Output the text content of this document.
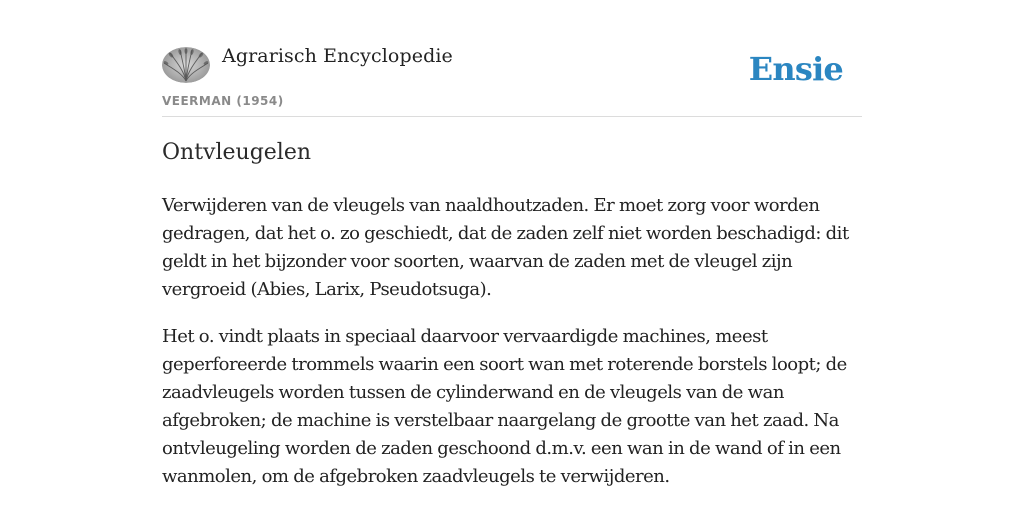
Agrarisch Encyclopedie
VEERMAN (1954)
Ensie
Ontvleugelen

Verwijderen van de vleugels van naaldhoutzaden. Er moet zorg voor worden gedragen, dat het o. zo geschiedt, dat de zaden zelf niet worden beschadigd: dit geldt in het bijzonder voor soorten, waarvan de zaden met de vleugel zijn vergroeid (Abies, Larix, Pseudotsuga).

Het o. vindt plaats in speciaal daarvoor vervaardigde machines, meest geperforeerde trommels waarin een soort wan met roterende borstels loopt; de zaadvleugels worden tussen de cylinderwand en de vleugels van de wan afgebroken; de machine is verstelbaar naargelang de grootte van het zaad. Na ontvleugeling worden de zaden geschoond d.m.v. een wan in de wand of in een wanmolen, om de afgebroken zaadvleugels te verwijderen.
